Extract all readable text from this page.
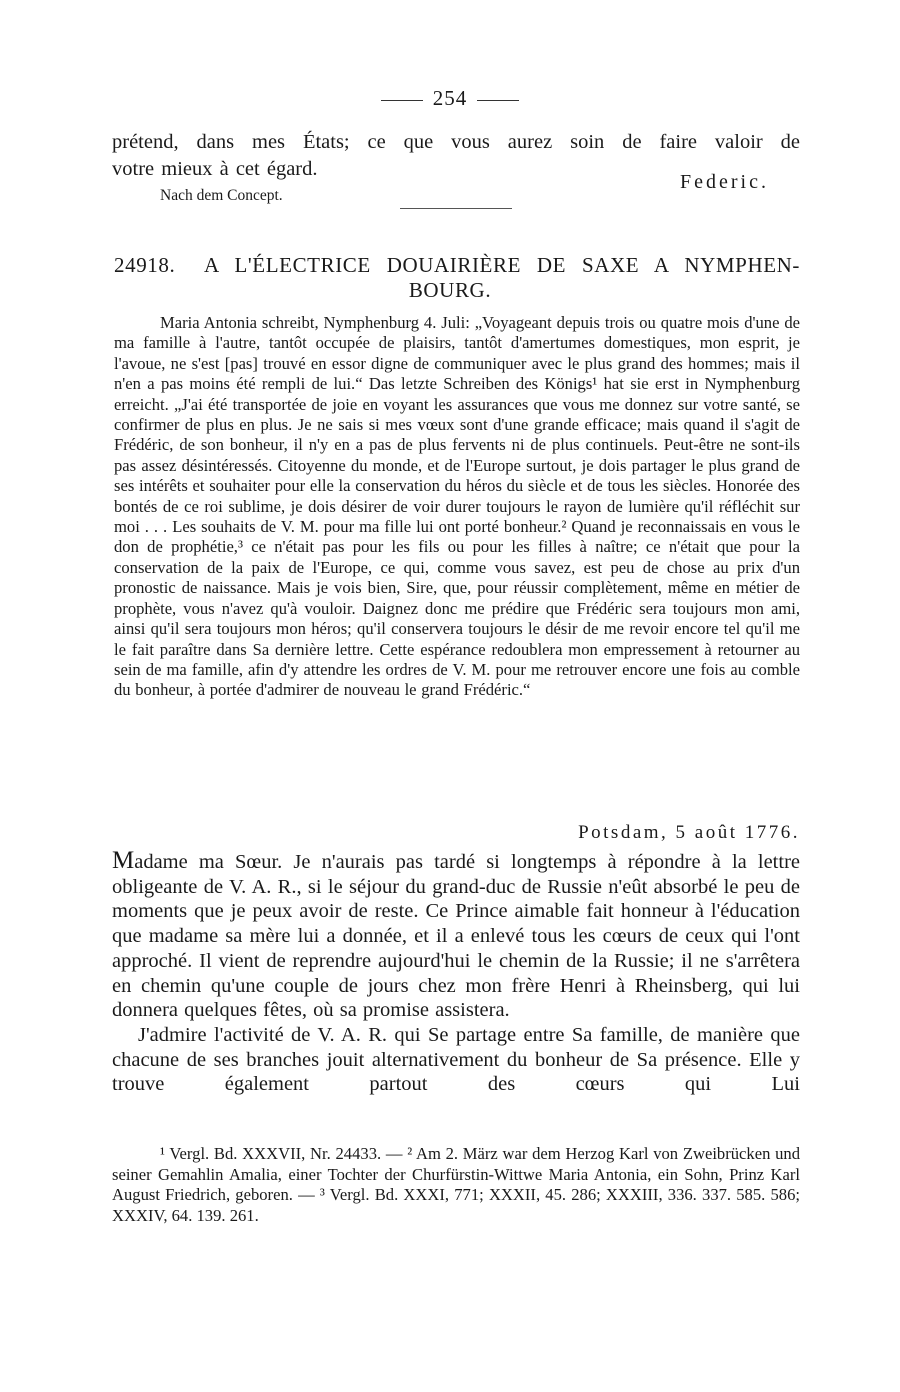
254
prétend, dans mes États; ce que vous aurez soin de faire valoir de
votre mieux à cet égard.
Federic.
Nach dem Concept.
24918. A L'ÉLECTRICE DOUAIRIÈRE DE SAXE A NYMPHEN-
BOURG.

Maria Antonia schreibt, Nymphenburg 4. Juli: „Voyageant depuis trois ou quatre mois d'une de ma famille à l'autre, tantôt occupée de plaisirs, tantôt d'amertumes domestiques, mon esprit, je l'avoue, ne s'est [pas] trouvé en essor digne de communiquer avec le plus grand des hommes; mais il n'en a pas moins été rempli de lui.“ Das letzte Schreiben des Königs¹ hat sie erst in Nymphenburg erreicht. „J'ai été transportée de joie en voyant les assurances que vous me donnez sur votre santé, se confirmer de plus en plus. Je ne sais si mes vœux sont d'une grande efficace; mais quand il s'agit de Frédéric, de son bonheur, il n'y en a pas de plus fervents ni de plus continuels. Peut-être ne sont-ils pas assez désintéressés. Citoyenne du monde, et de l'Europe surtout, je dois partager le plus grand de ses intérêts et souhaiter pour elle la conservation du héros du siècle et de tous les siècles. Honorée des bontés de ce roi sublime, je dois désirer de voir durer toujours le rayon de lumière qu'il réfléchit sur moi . . . Les souhaits de V. M. pour ma fille lui ont porté bonheur.² Quand je reconnaissais en vous le don de prophétie,³ ce n'était pas pour les fils ou pour les filles à naître; ce n'était que pour la conservation de la paix de l'Europe, ce qui, comme vous savez, est peu de chose au prix d'un pronostic de naissance. Mais je vois bien, Sire, que, pour réussir complètement, même en métier de prophète, vous n'avez qu'à vouloir. Daignez donc me prédire que Frédéric sera toujours mon ami, ainsi qu'il sera toujours mon héros; qu'il conservera toujours le désir de me revoir encore tel qu'il me le fait paraître dans Sa dernière lettre. Cette espérance redoublera mon empressement à retourner au sein de ma famille, afin d'y attendre les ordres de V. M. pour me retrouver encore une fois au comble du bonheur, à portée d'admirer de nouveau le grand Frédéric.“

Potsdam, 5 août 1776.

Madame ma Sœur. Je n'aurais pas tardé si longtemps à répondre à la lettre obligeante de V. A. R., si le séjour du grand-duc de Russie n'eût absorbé le peu de moments que je peux avoir de reste. Ce Prince aimable fait honneur à l'éducation que madame sa mère lui a donnée, et il a enlevé tous les cœurs de ceux qui l'ont approché. Il vient de reprendre aujourd'hui le chemin de la Russie; il ne s'arrêtera en chemin qu'une couple de jours chez mon frère Henri à Rheinsberg, qui lui donnera quelques fêtes, où sa promise assistera.

J'admire l'activité de V. A. R. qui Se partage entre Sa famille, de manière que chacune de ses branches jouit alternativement du bonheur de Sa présence. Elle y trouve également partout des cœurs qui Lui

¹ Vergl. Bd. XXXVII, Nr. 24433. — ² Am 2. März war dem Herzog Karl von Zweibrücken und seiner Gemahlin Amalia, einer Tochter der Churfürstin-Wittwe Maria Antonia, ein Sohn, Prinz Karl August Friedrich, geboren. — ³ Vergl. Bd. XXXI, 771; XXXII, 45. 286; XXXIII, 336. 337. 585. 586; XXXIV, 64. 139. 261.
